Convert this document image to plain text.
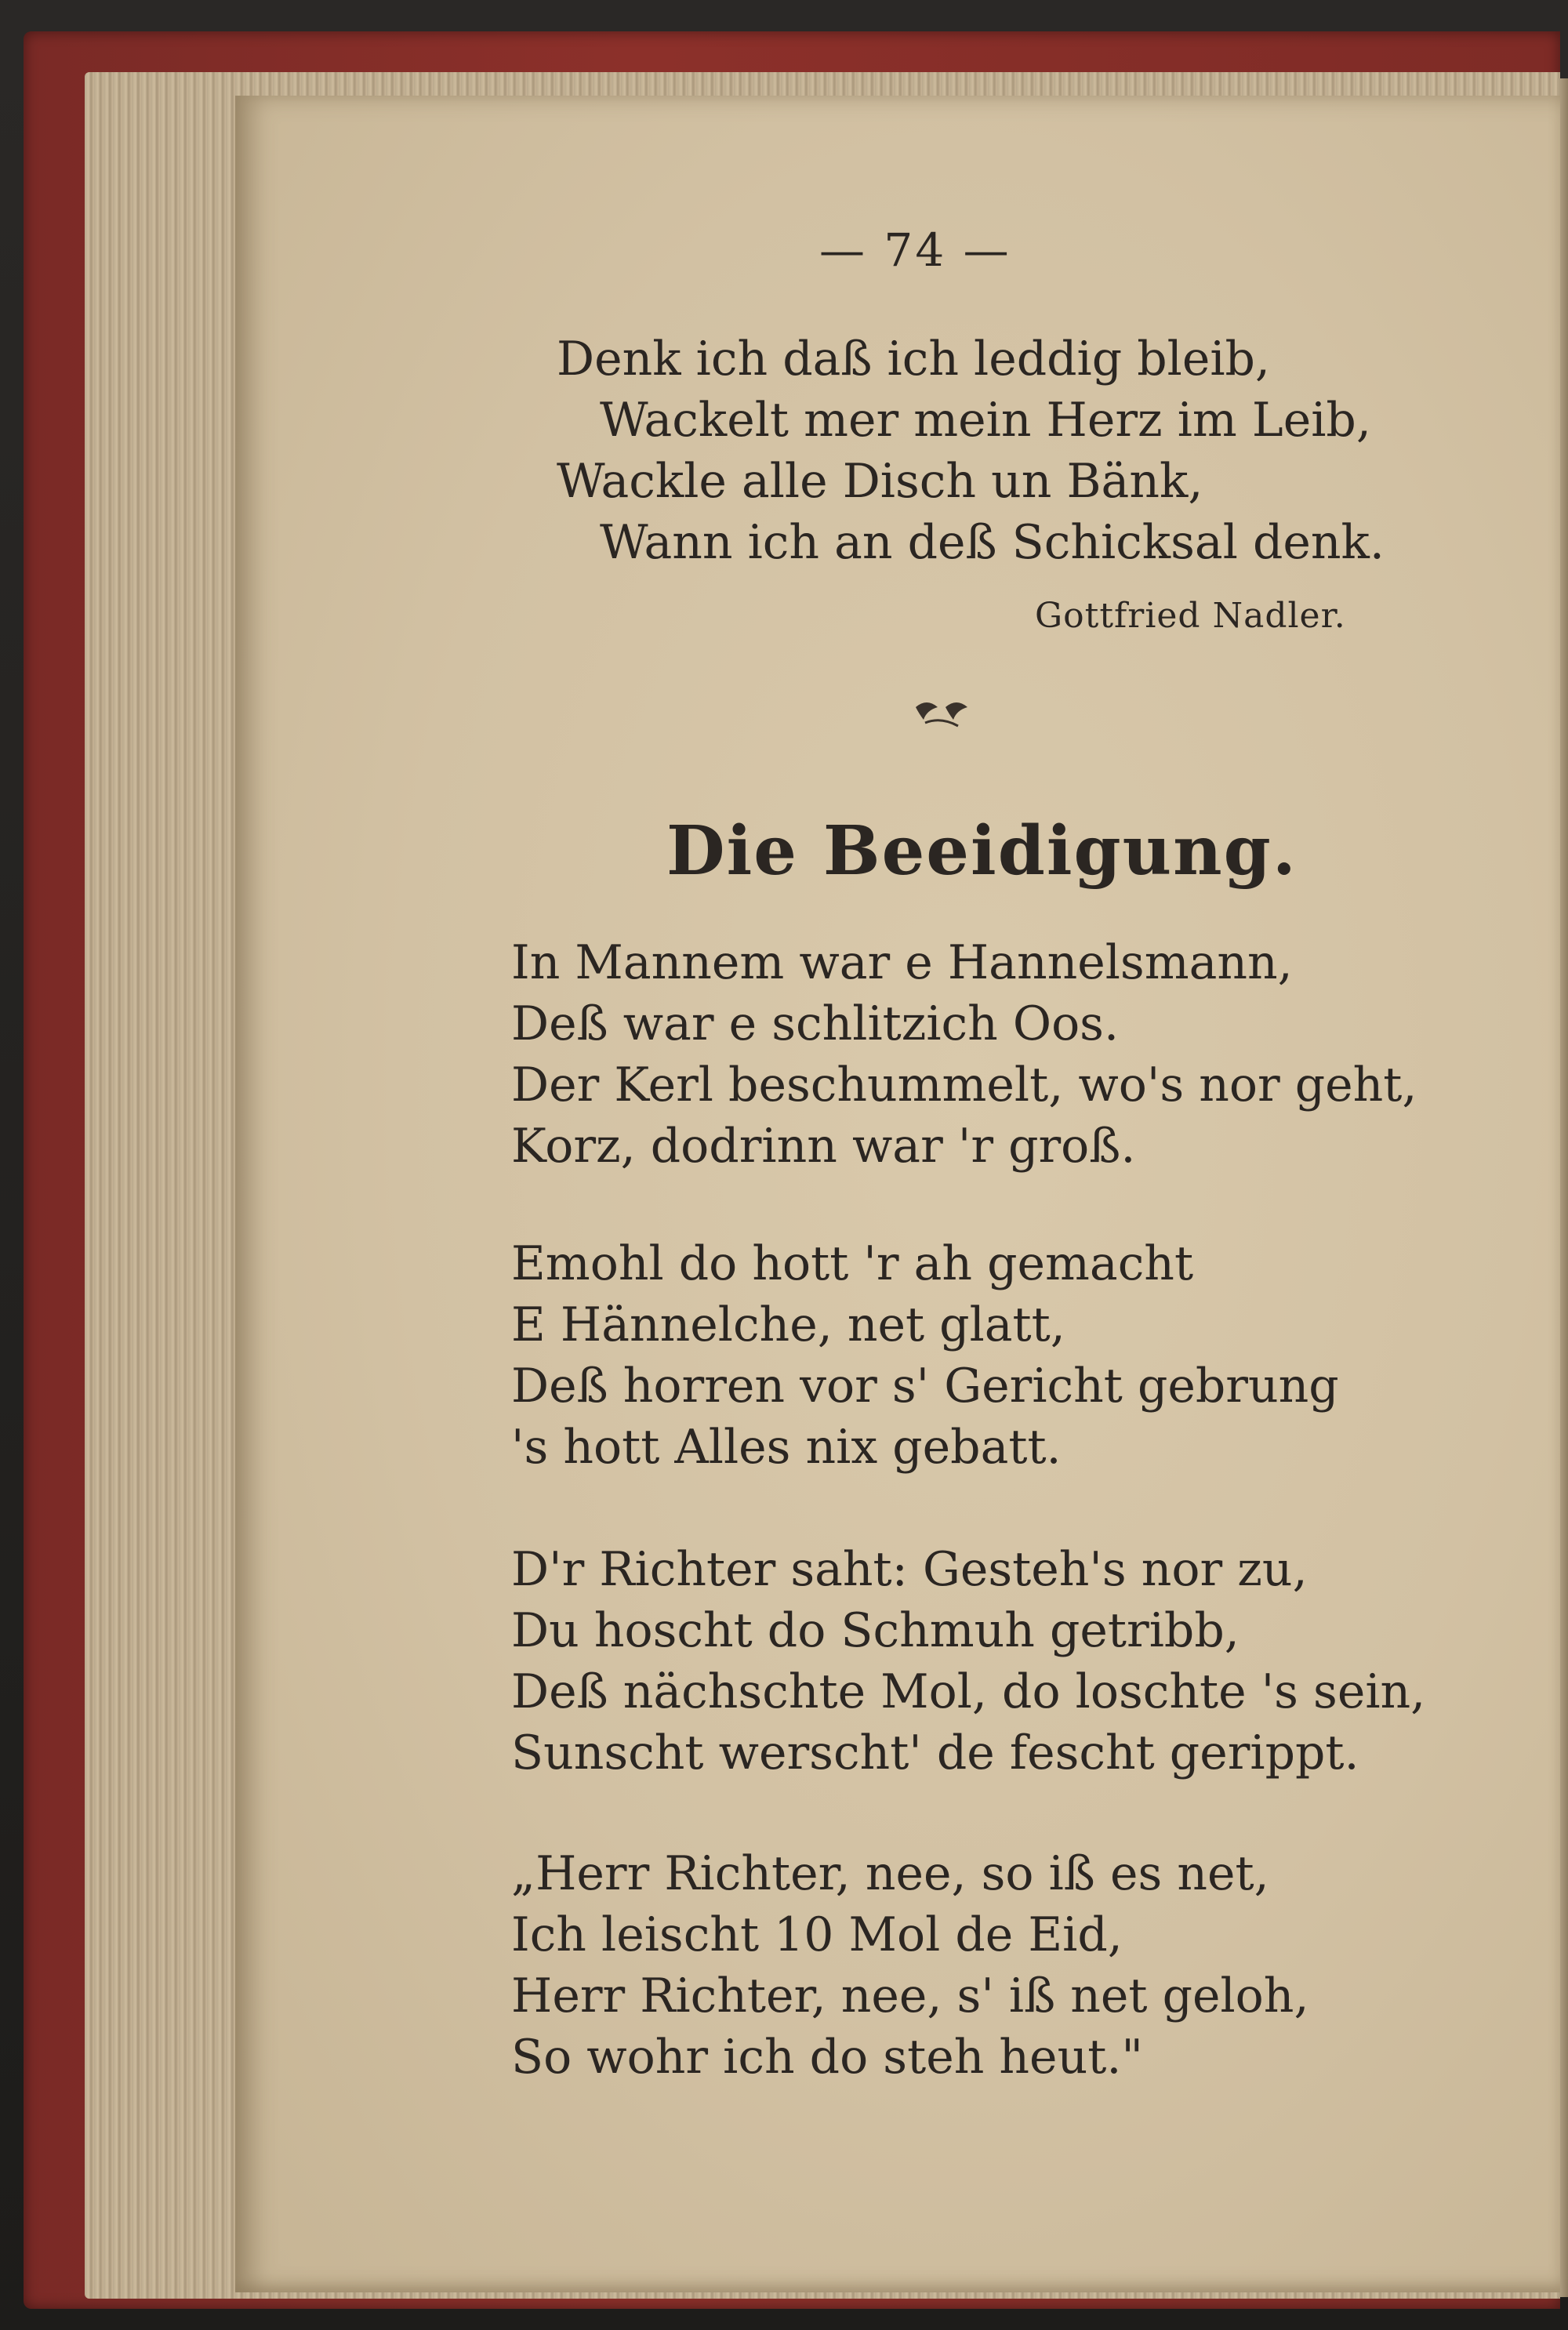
— 74 —
Denk ich daß ich leddig bleib,
Wackelt mer mein Herz im Leib,
Wackle alle Disch un Bänk,
Wann ich an deß Schicksal denk.
Gottfried Nadler.
Die Beeidigung.
In Mannem war e Hannelsmann,
Deß war e schlitzich Oos.
Der Kerl beschummelt, wo's nor geht,
Korz, dodrinn war 'r groß.
Emohl do hott 'r ah gemacht
E Hännelche, net glatt,
Deß horren vor s' Gericht gebrung
's hott Alles nix gebatt.
D'r Richter saht: Gesteh's nor zu,
Du hoscht do Schmuh getribb,
Deß nächschte Mol, do loschte 's sein,
Sunscht werscht' de fescht gerippt.
„Herr Richter, nee, so iß es net,
Ich leischt 10 Mol de Eid,
Herr Richter, nee, s' iß net geloh,
So wohr ich do steh heut."
